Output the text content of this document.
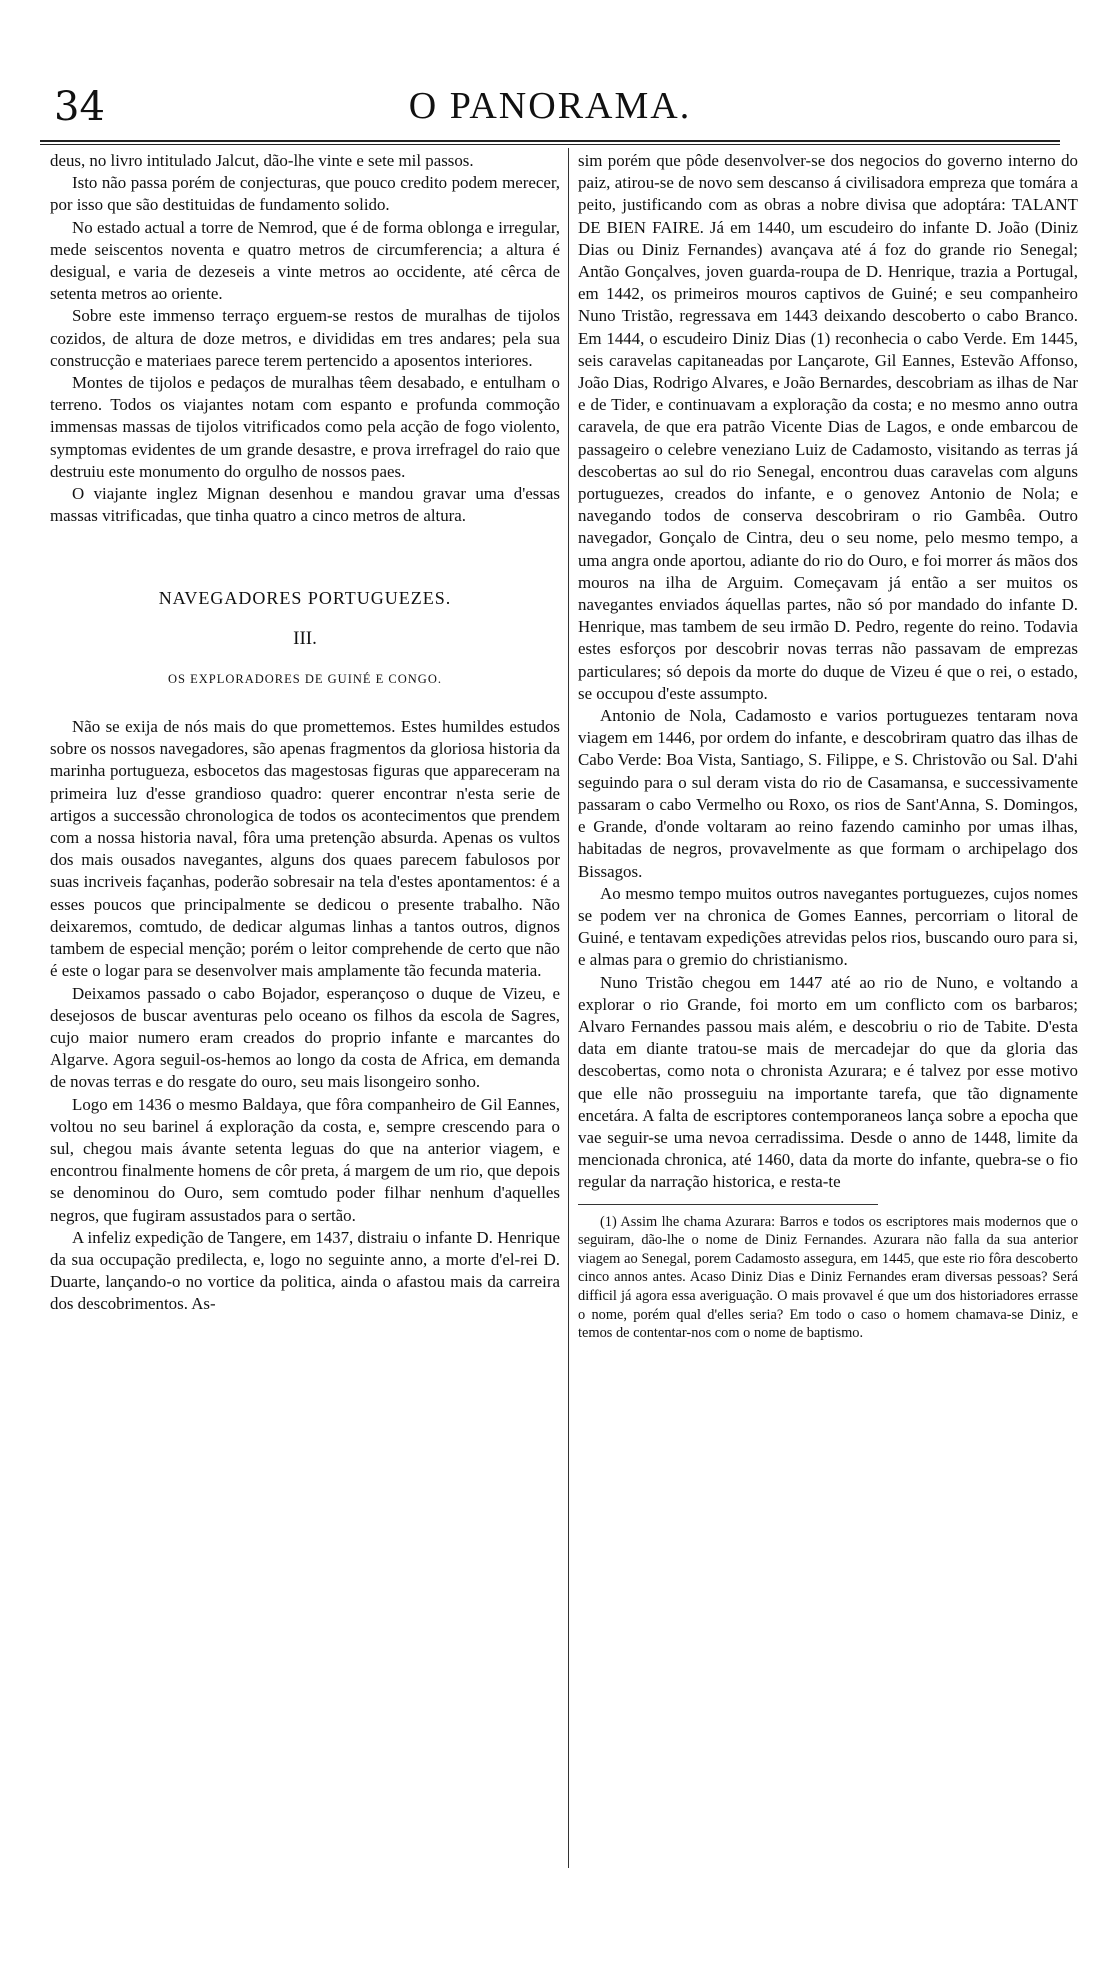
34	O PANORAMA.

deus, no livro intitulado Jalcut, dão-lhe vinte e sete mil passos.

Isto não passa porém de conjecturas, que pouco credito podem merecer, por isso que são destituidas de fundamento solido.

No estado actual a torre de Nemrod, que é de forma oblonga e irregular, mede seiscentos noventa e quatro metros de circumferencia; a altura é desigual, e varia de dezeseis a vinte metros ao occidente, até cêrca de setenta metros ao oriente.

Sobre este immenso terraço erguem-se restos de muralhas de tijolos cozidos, de altura de doze metros, e divididas em tres andares; pela sua construcção e materiaes parece terem pertencido a aposentos interiores.

Montes de tijolos e pedaços de muralhas têem desabado, e entulham o terreno. Todos os viajantes notam com espanto e profunda commoção immensas massas de tijolos vitrificados como pela acção de fogo violento, symptomas evidentes de um grande desastre, e prova irrefragel do raio que destruiu este monumento do orgulho de nossos paes.

O viajante inglez Mignan desenhou e mandou gravar uma d'essas massas vitrificadas, que tinha quatro a cinco metros de altura.

NAVEGADORES PORTUGUEZES.
III.
OS EXPLORADORES DE GUINÉ E CONGO.

Não se exija de nós mais do que promettemos. Estes humildes estudos sobre os nossos navegadores, são apenas fragmentos da gloriosa historia da marinha portugueza, esbocetos das magestosas figuras que appareceram na primeira luz d'esse grandioso quadro: querer encontrar n'esta serie de artigos a successão chronologica de todos os acontecimentos que prendem com a nossa historia naval, fôra uma pretenção absurda. Apenas os vultos dos mais ousados navegantes, alguns dos quaes parecem fabulosos por suas incriveis façanhas, poderão sobresair na tela d'estes apontamentos: é a esses poucos que principalmente se dedicou o presente trabalho. Não deixaremos, comtudo, de dedicar algumas linhas a tantos outros, dignos tambem de especial menção; porém o leitor comprehende de certo que não é este o logar para se desenvolver mais amplamente tão fecunda materia.

Deixamos passado o cabo Bojador, esperançoso o duque de Vizeu, e desejosos de buscar aventuras pelo oceano os filhos da escola de Sagres, cujo maior numero eram creados do proprio infante e marcantes do Algarve. Agora seguil-os-hemos ao longo da costa de Africa, em demanda de novas terras e do resgate do ouro, seu mais lisongeiro sonho.

Logo em 1436 o mesmo Baldaya, que fôra companheiro de Gil Eannes, voltou no seu barinel á exploração da costa, e, sempre crescendo para o sul, chegou mais ávante setenta leguas do que na anterior viagem, e encontrou finalmente homens de côr preta, á margem de um rio, que depois se denominou do Ouro, sem comtudo poder filhar nenhum d'aquelles negros, que fugiram assustados para o sertão.

A infeliz expedição de Tangere, em 1437, distraiu o infante D. Henrique da sua occupação predilecta, e, logo no seguinte anno, a morte d'el-rei D. Duarte, lançando-o no vortice da politica, ainda o afastou mais da carreira dos descobrimentos. As-

sim porém que pôde desenvolver-se dos negocios do governo interno do paiz, atirou-se de novo sem descanso á civilisadora empreza que tomára a peito, justificando com as obras a nobre divisa que adoptára: TALANT DE BIEN FAIRE. Já em 1440, um escudeiro do infante D. João (Diniz Dias ou Diniz Fernandes) avançava até á foz do grande rio Senegal; Antão Gonçalves, joven guarda-roupa de D. Henrique, trazia a Portugal, em 1442, os primeiros mouros captivos de Guiné; e seu companheiro Nuno Tristão, regressava em 1443 deixando descoberto o cabo Branco. Em 1444, o escudeiro Diniz Dias (1) reconhecia o cabo Verde. Em 1445, seis caravelas capitaneadas por Lançarote, Gil Eannes, Estevão Affonso, João Dias, Rodrigo Alvares, e João Bernardes, descobriam as ilhas de Nar e de Tider, e continuavam a exploração da costa; e no mesmo anno outra caravela, de que era patrão Vicente Dias de Lagos, e onde embarcou de passageiro o celebre veneziano Luiz de Cadamosto, visitando as terras já descobertas ao sul do rio Senegal, encontrou duas caravelas com alguns portuguezes, creados do infante, e o genovez Antonio de Nola; e navegando todos de conserva descobriram o rio Gambêa. Outro navegador, Gonçalo de Cintra, deu o seu nome, pelo mesmo tempo, a uma angra onde aportou, adiante do rio do Ouro, e foi morrer ás mãos dos mouros na ilha de Arguim. Começavam já então a ser muitos os navegantes enviados áquellas partes, não só por mandado do infante D. Henrique, mas tambem de seu irmão D. Pedro, regente do reino. Todavia estes esforços por descobrir novas terras não passavam de emprezas particulares; só depois da morte do duque de Vizeu é que o rei, o estado, se occupou d'este assumpto.

Antonio de Nola, Cadamosto e varios portuguezes tentaram nova viagem em 1446, por ordem do infante, e descobriram quatro das ilhas de Cabo Verde: Boa Vista, Santiago, S. Filippe, e S. Christovão ou Sal. D'ahi seguindo para o sul deram vista do rio de Casamansa, e successivamente passaram o cabo Vermelho ou Roxo, os rios de Sant'Anna, S. Domingos, e Grande, d'onde voltaram ao reino fazendo caminho por umas ilhas, habitadas de negros, provavelmente as que formam o archipelago dos Bissagos.

Ao mesmo tempo muitos outros navegantes portuguezes, cujos nomes se podem ver na chronica de Gomes Eannes, percorriam o litoral de Guiné, e tentavam expedições atrevidas pelos rios, buscando ouro para si, e almas para o gremio do christianismo.

Nuno Tristão chegou em 1447 até ao rio de Nuno, e voltando a explorar o rio Grande, foi morto em um conflicto com os barbaros; Alvaro Fernandes passou mais além, e descobriu o rio de Tabite. D'esta data em diante tratou-se mais de mercadejar do que da gloria das descobertas, como nota o chronista Azurara; e é talvez por esse motivo que elle não prosseguiu na importante tarefa, que tão dignamente encetára. A falta de escriptores contemporaneos lança sobre a epocha que vae seguir-se uma nevoa cerradissima. Desde o anno de 1448, limite da mencionada chronica, até 1460, data da morte do infante, quebra-se o fio regular da narração historica, e resta-te

(1) Assim lhe chama Azurara: Barros e todos os escriptores mais modernos que o seguiram, dão-lhe o nome de Diniz Fernandes. Azurara não falla da sua anterior viagem ao Senegal, porem Cadamosto assegura, em 1445, que este rio fôra descoberto cinco annos antes. Acaso Diniz Dias e Diniz Fernandes eram diversas pessoas? Será difficil já agora essa averiguação. O mais provavel é que um dos historiadores errasse o nome, porém qual d'elles seria? Em todo o caso o homem chamava-se Diniz, e temos de contentar-nos com o nome de baptismo.
